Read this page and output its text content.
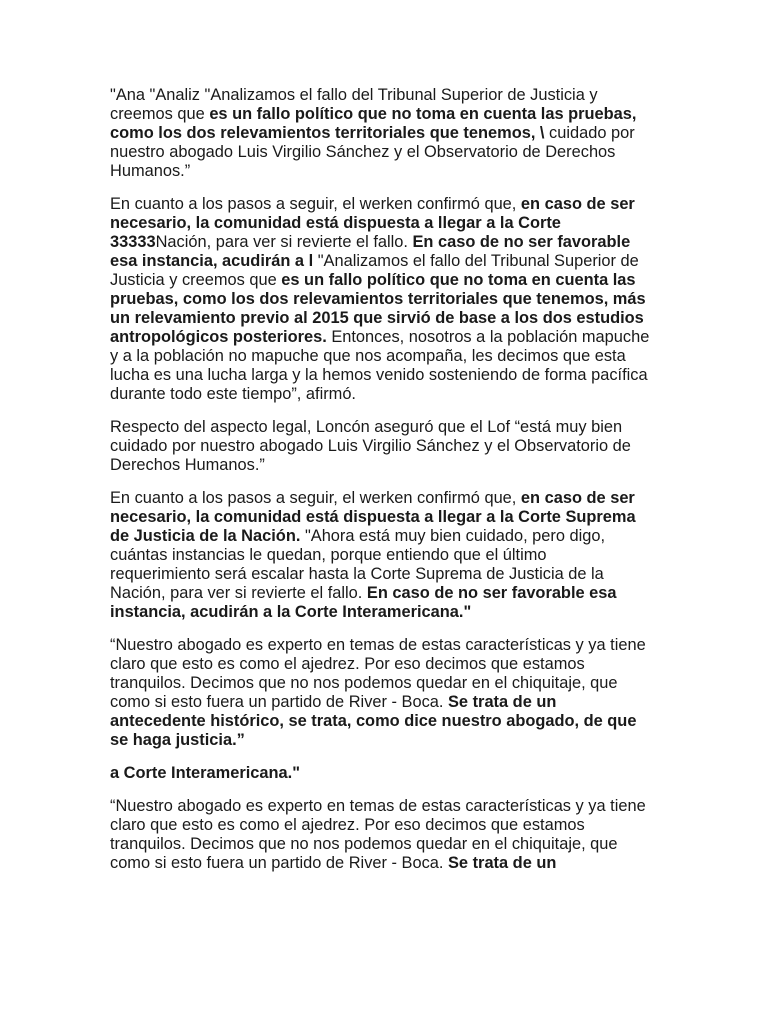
"Ana "Analiz "Analizamos el fallo del Tribunal Superior de Justicia y creemos que es un fallo político que no toma en cuenta las pruebas, como los dos relevamientos territoriales que tenemos, \ cuidado por nuestro abogado Luis Virgilio Sánchez y el Observatorio de Derechos Humanos.”

En cuanto a los pasos a seguir, el werken confirmó que, en caso de ser necesario, la comunidad está dispuesta a llegar a la Corte 33333Nación, para ver si revierte el fallo. En caso de no ser favorable esa instancia, acudirán a l "Analizamos el fallo del Tribunal Superior de Justicia y creemos que es un fallo político que no toma en cuenta las pruebas, como los dos relevamientos territoriales que tenemos, más un relevamiento previo al 2015 que sirvió de base a los dos estudios antropológicos posteriores. Entonces, nosotros a la población mapuche y a la población no mapuche que nos acompaña, les decimos que esta lucha es una lucha larga y la hemos venido sosteniendo de forma pacífica durante todo este tiempo”, afirmó.

Respecto del aspecto legal, Loncón aseguró que el Lof “está muy bien cuidado por nuestro abogado Luis Virgilio Sánchez y el Observatorio de Derechos Humanos.”

En cuanto a los pasos a seguir, el werken confirmó que, en caso de ser necesario, la comunidad está dispuesta a llegar a la Corte Suprema de Justicia de la Nación. "Ahora está muy bien cuidado, pero digo, cuántas instancias le quedan, porque entiendo que el último requerimiento será escalar hasta la Corte Suprema de Justicia de la Nación, para ver si revierte el fallo. En caso de no ser favorable esa instancia, acudirán a la Corte Interamericana."

“Nuestro abogado es experto en temas de estas características y ya tiene claro que esto es como el ajedrez. Por eso decimos que estamos tranquilos. Decimos que no nos podemos quedar en el chiquitaje, que como si esto fuera un partido de River - Boca. Se trata de un antecedente histórico, se trata, como dice nuestro abogado, de que se haga justicia.”

a Corte Interamericana."

“Nuestro abogado es experto en temas de estas características y ya tiene claro que esto es como el ajedrez. Por eso decimos que estamos tranquilos. Decimos que no nos podemos quedar en el chiquitaje, que como si esto fuera un partido de River - Boca. Se trata de un
